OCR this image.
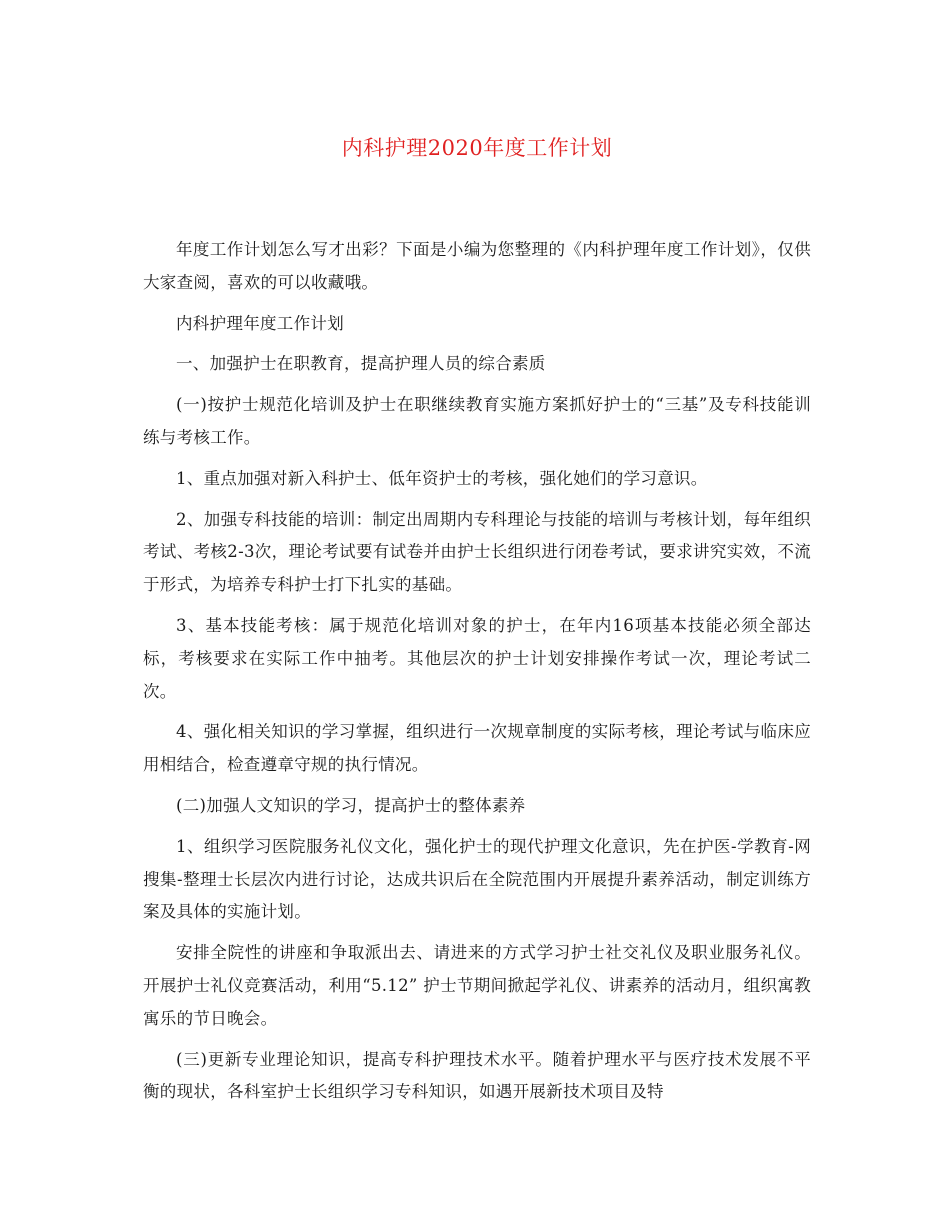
内科护理2020年度工作计划

年度工作计划怎么写才出彩？下面是小编为您整理的《内科护理年度工作计划》，仅供大家查阅，喜欢的可以收藏哦。

内科护理年度工作计划

一、加强护士在职教育，提高护理人员的综合素质

(一)按护士规范化培训及护士在职继续教育实施方案抓好护士的“三基”及专科技能训练与考核工作。

1、重点加强对新入科护士、低年资护士的考核，强化她们的学习意识。

2、加强专科技能的培训：制定出周期内专科理论与技能的培训与考核计划，每年组织考试、考核2-3次，理论考试要有试卷并由护士长组织进行闭卷考试，要求讲究实效，不流于形式，为培养专科护士打下扎实的基础。

3、基本技能考核：属于规范化培训对象的护士，在年内16项基本技能必须全部达标，考核要求在实际工作中抽考。其他层次的护士计划安排操作考试一次，理论考试二次。

4、强化相关知识的学习掌握，组织进行一次规章制度的实际考核，理论考试与临床应用相结合，检查遵章守规的执行情况。

(二)加强人文知识的学习，提高护士的整体素养

1、组织学习医院服务礼仪文化，强化护士的现代护理文化意识，先在护医-学教育-网搜集-整理士长层次内进行讨论，达成共识后在全院范围内开展提升素养活动，制定训练方案及具体的实施计划。

安排全院性的讲座和争取派出去、请进来的方式学习护士社交礼仪及职业服务礼仪。开展护士礼仪竞赛活动，利用“5.12” 护士节期间掀起学礼仪、讲素养的活动月，组织寓教寓乐的节日晚会。

(三)更新专业理论知识，提高专科护理技术水平。随着护理水平与医疗技术发展不平衡的现状，各科室护士长组织学习专科知识，如遇开展新技术项目及特
